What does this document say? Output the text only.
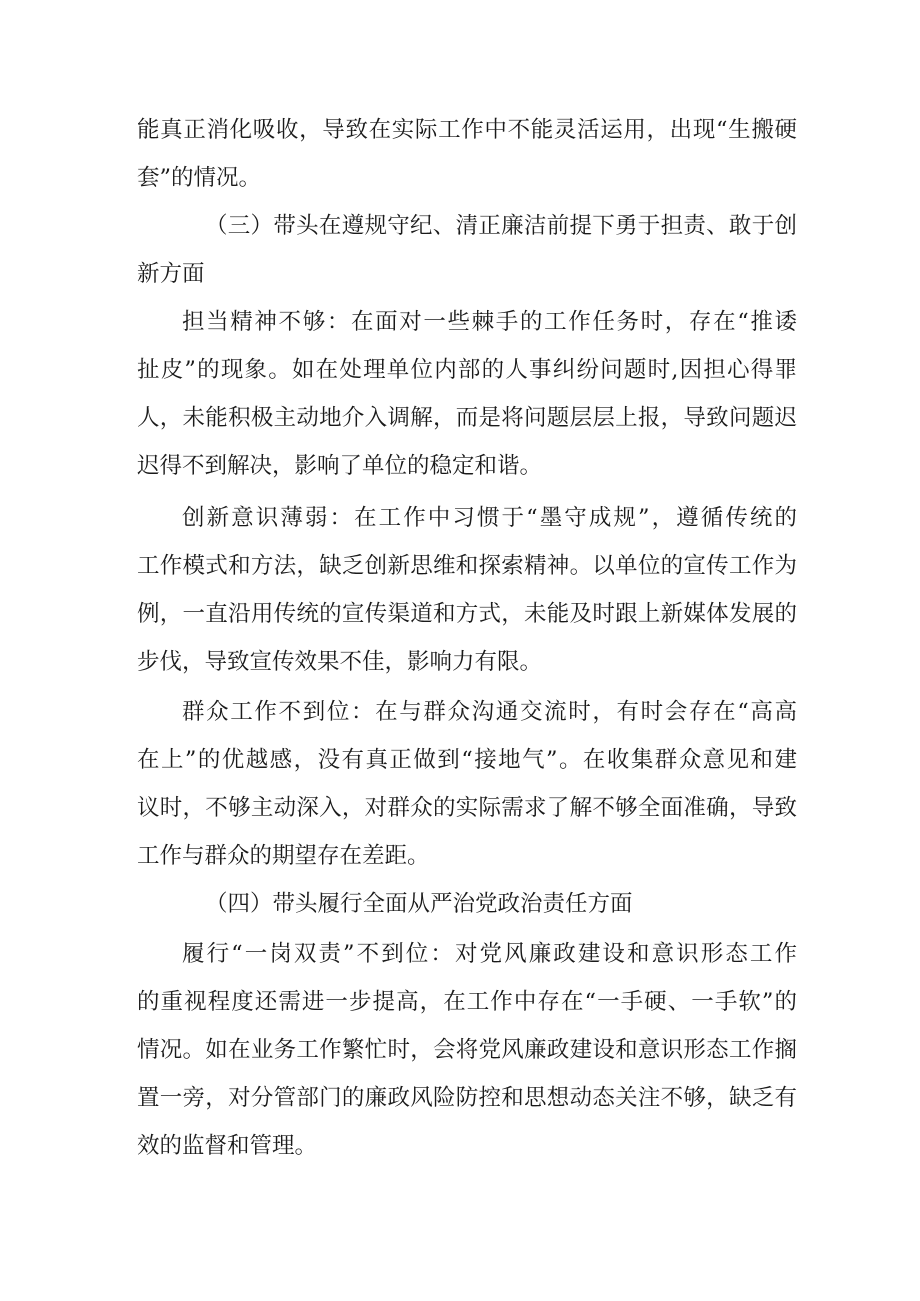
能真正消化吸收，导致在实际工作中不能灵活运用，出现“生搬硬
套”的情况。
（三）带头在遵规守纪、清正廉洁前提下勇于担责、敢于创
新方面
担当精神不够：在面对一些棘手的工作任务时，存在“推诿
扯皮”的现象。如在处理单位内部的人事纠纷问题时,因担心得罪
人，未能积极主动地介入调解，而是将问题层层上报，导致问题迟
迟得不到解决，影响了单位的稳定和谐。
创新意识薄弱：在工作中习惯于“墨守成规”，遵循传统的
工作模式和方法，缺乏创新思维和探索精神。以单位的宣传工作为
例，一直沿用传统的宣传渠道和方式，未能及时跟上新媒体发展的
步伐，导致宣传效果不佳，影响力有限。
群众工作不到位：在与群众沟通交流时，有时会存在“高高
在上”的优越感，没有真正做到“接地气”。在收集群众意见和建
议时，不够主动深入，对群众的实际需求了解不够全面准确，导致
工作与群众的期望存在差距。
（四）带头履行全面从严治党政治责任方面
履行“一岗双责”不到位：对党风廉政建设和意识形态工作
的重视程度还需进一步提高，在工作中存在“一手硬、一手软”的
情况。如在业务工作繁忙时，会将党风廉政建设和意识形态工作搁
置一旁，对分管部门的廉政风险防控和思想动态关注不够，缺乏有
效的监督和管理。
